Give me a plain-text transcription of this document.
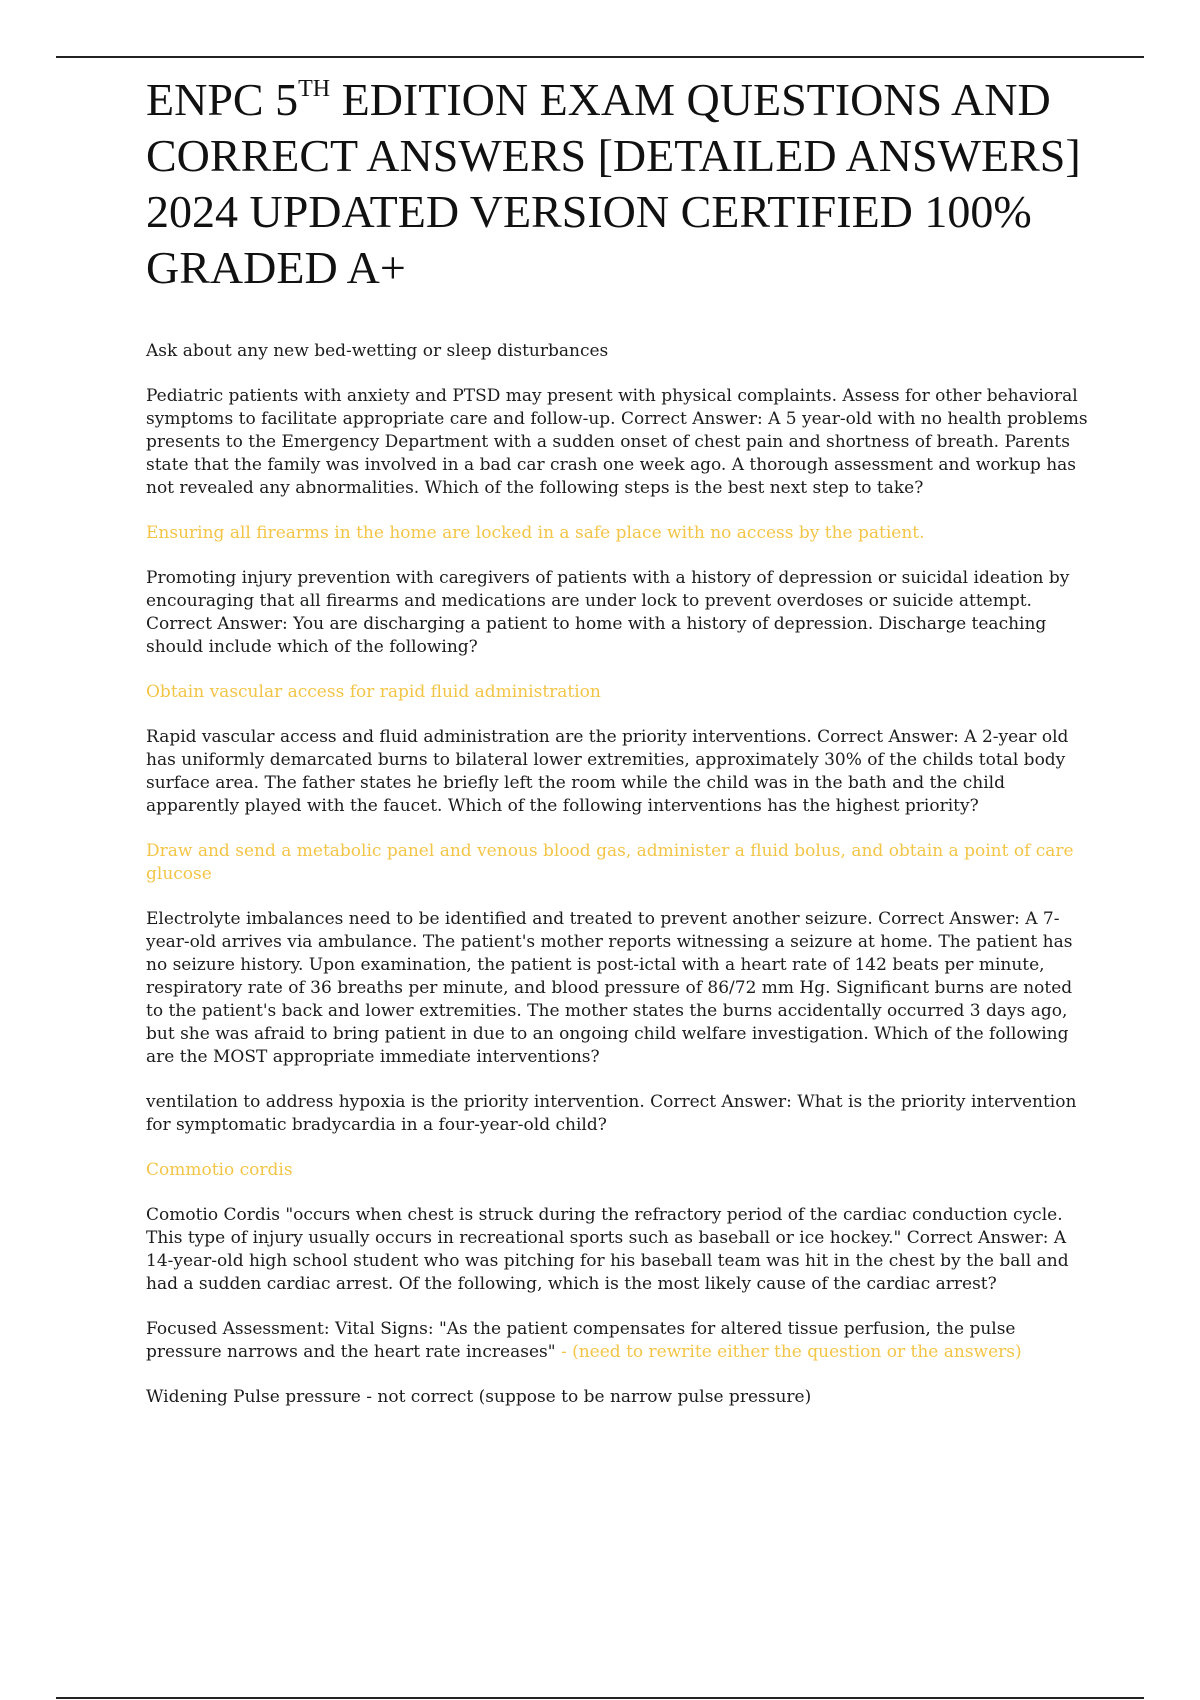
ENPC 5TH EDITION EXAM QUESTIONS AND CORRECT ANSWERS [DETAILED ANSWERS] 2024 UPDATED VERSION CERTIFIED 100% GRADED A+

Ask about any new bed-wetting or sleep disturbances

Pediatric patients with anxiety and PTSD may present with physical complaints. Assess for other behavioral symptoms to facilitate appropriate care and follow-up. Correct Answer: A 5 year-old with no health problems presents to the Emergency Department with a sudden onset of chest pain and shortness of breath. Parents state that the family was involved in a bad car crash one week ago. A thorough assessment and workup has not revealed any abnormalities. Which of the following steps is the best next step to take?

Ensuring all firearms in the home are locked in a safe place with no access by the patient.

Promoting injury prevention with caregivers of patients with a history of depression or suicidal ideation by encouraging that all firearms and medications are under lock to prevent overdoses or suicide attempt. Correct Answer: You are discharging a patient to home with a history of depression. Discharge teaching should include which of the following?

Obtain vascular access for rapid fluid administration

Rapid vascular access and fluid administration are the priority interventions. Correct Answer: A 2-year old has uniformly demarcated burns to bilateral lower extremities, approximately 30% of the childs total body surface area. The father states he briefly left the room while the child was in the bath and the child apparently played with the faucet. Which of the following interventions has the highest priority?

Draw and send a metabolic panel and venous blood gas, administer a fluid bolus, and obtain a point of care glucose

Electrolyte imbalances need to be identified and treated to prevent another seizure. Correct Answer: A 7-year-old arrives via ambulance. The patient's mother reports witnessing a seizure at home. The patient has no seizure history. Upon examination, the patient is post-ictal with a heart rate of 142 beats per minute, respiratory rate of 36 breaths per minute, and blood pressure of 86/72 mm Hg. Significant burns are noted to the patient's back and lower extremities. The mother states the burns accidentally occurred 3 days ago, but she was afraid to bring patient in due to an ongoing child welfare investigation. Which of the following are the MOST appropriate immediate interventions?

ventilation to address hypoxia is the priority intervention. Correct Answer: What is the priority intervention for symptomatic bradycardia in a four-year-old child?

Commotio cordis

Comotio Cordis "occurs when chest is struck during the refractory period of the cardiac conduction cycle. This type of injury usually occurs in recreational sports such as baseball or ice hockey." Correct Answer: A 14-year-old high school student who was pitching for his baseball team was hit in the chest by the ball and had a sudden cardiac arrest. Of the following, which is the most likely cause of the cardiac arrest?

Focused Assessment: Vital Signs: "As the patient compensates for altered tissue perfusion, the pulse pressure narrows and the heart rate increases" - (need to rewrite either the question or the answers)

Widening Pulse pressure - not correct (suppose to be narrow pulse pressure)
